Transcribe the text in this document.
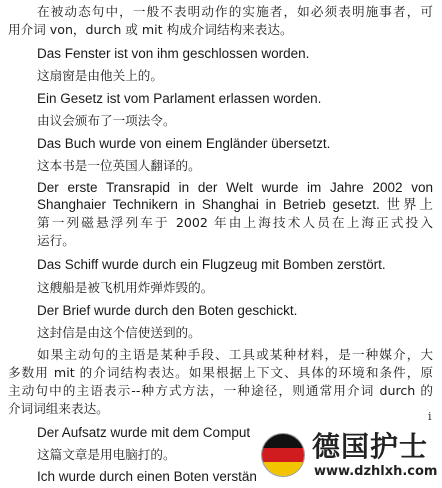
在被动态句中，一般不表明动作的实施者，如必须表明施事者，可
用介词 von，durch 或 mit 构成介词结构来表达。
Das Fenster ist von ihm geschlossen worden.
这扇窗是由他关上的。
Ein Gesetz ist vom Parlament erlassen worden.
由议会颁布了一项法令。
Das Buch wurde von einem Engländer übersetzt.
这本书是一位英国人翻译的。
Der erste Transrapid in der Welt wurde im Jahre 2002 von
Shanghaier Technikern in Shanghai in Betrieb gesetzt. 世界上
第一列磁悬浮列车于 2002 年由上海技术人员在上海正式投入
运行。
Das Schiff wurde durch ein Flugzeug mit Bomben zerstört.
这艘船是被飞机用炸弹炸毁的。
Der Brief wurde durch den Boten geschickt.
这封信是由这个信使送到的。
如果主动句的主语是某种手段、工具或某种材料，是一种媒介，大
多数用 mit 的介词结构表达。如果根据上下文、具体的环境和条件，原
主动句中的主语表示--种方式方法，一种途径，则通常用介词 durch 的
介词词组来表达。
Der Aufsatz wurde mit dem Comput
这篇文章是用电脑打的。
Ich wurde durch einen Boten verstän
i
德国护士
www.dzhlxh.com
